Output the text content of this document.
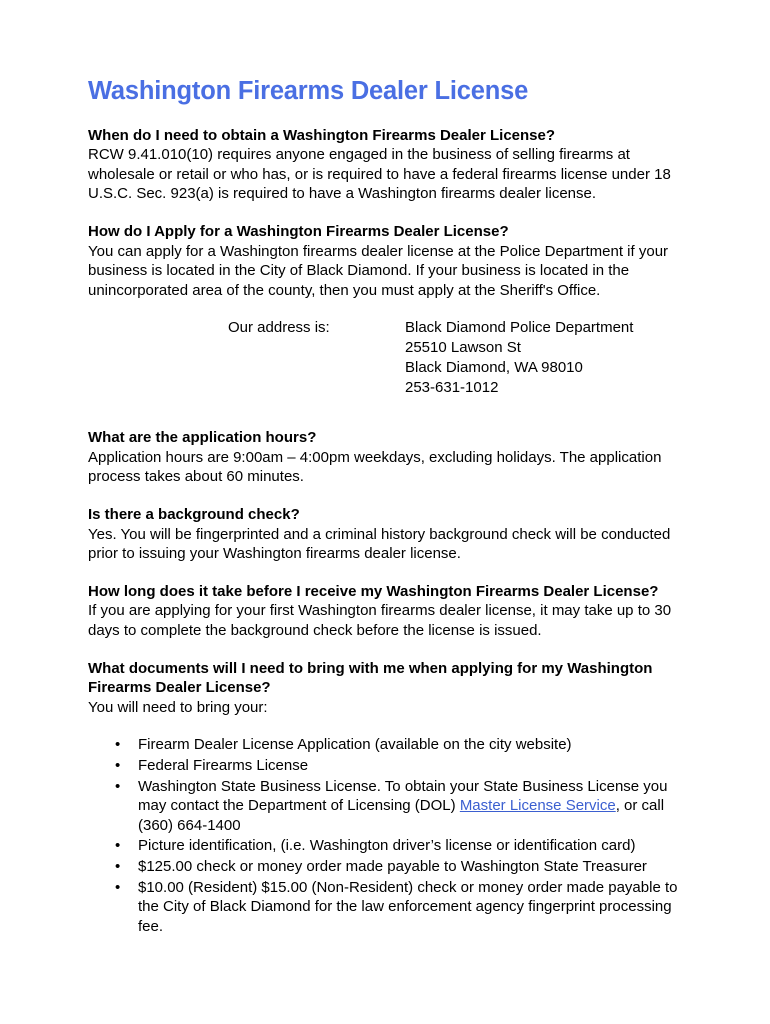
Washington Firearms Dealer License

When do I need to obtain a Washington Firearms Dealer License?

RCW 9.41.010(10) requires anyone engaged in the business of selling firearms at wholesale or retail or who has, or is required to have a federal firearms license under 18 U.S.C. Sec. 923(a) is required to have a Washington firearms dealer license.

How do I Apply for a Washington Firearms Dealer License?

You can apply for a Washington firearms dealer license at the Police Department if your business is located in the City of Black Diamond. If your business is located in the unincorporated area of the county, then you must apply at the Sheriff's Office.

Our address is:	Black Diamond Police Department
25510 Lawson St
Black Diamond, WA 98010
253-631-1012

What are the application hours?

Application hours are 9:00am – 4:00pm weekdays, excluding holidays. The application process takes about 60 minutes.

Is there a background check?

Yes. You will be fingerprinted and a criminal history background check will be conducted prior to issuing your Washington firearms dealer license.

How long does it take before I receive my Washington Firearms Dealer License?

If you are applying for your first Washington firearms dealer license, it may take up to 30 days to complete the background check before the license is issued.

What documents will I need to bring with me when applying for my Washington Firearms Dealer License?

You will need to bring your:

• Firearm Dealer License Application (available on the city website)
• Federal Firearms License
• Washington State Business License. To obtain your State Business License you may contact the Department of Licensing (DOL) Master License Service, or call (360) 664-1400
• Picture identification, (i.e. Washington driver’s license or identification card)
• $125.00 check or money order made payable to Washington State Treasurer
• $10.00 (Resident) $15.00 (Non-Resident) check or money order made payable to the City of Black Diamond for the law enforcement agency fingerprint processing fee.
